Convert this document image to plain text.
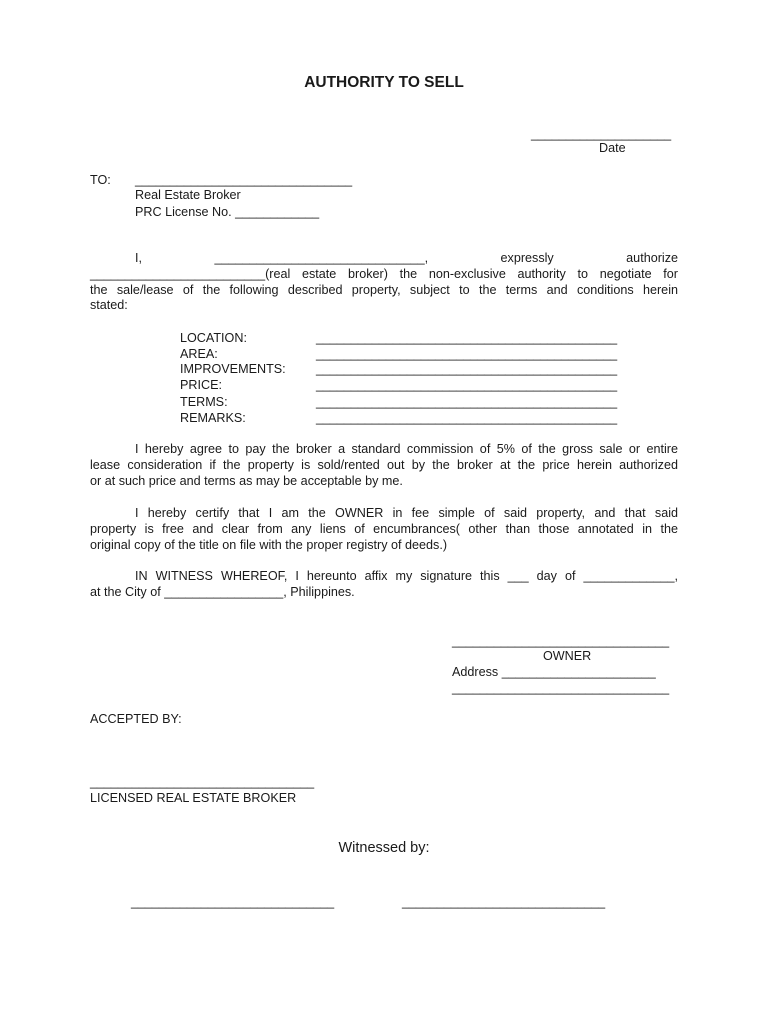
AUTHORITY TO SELL
____________________
Date
TO: _______________________________
Real Estate Broker
PRC License No. ____________

I, ______________________________, expressly authorize

_________________________(real estate broker) the non-exclusive authority to negotiate for

the sale/lease of the following described property, subject to the terms and conditions herein

stated:

LOCATION:	___________________________________________
AREA:	___________________________________________
IMPROVEMENTS: ___________________________________________
PRICE:	___________________________________________
TERMS:	___________________________________________
REMARKS:	___________________________________________

I hereby agree to pay the broker a standard commission of 5% of the gross sale or entire

lease consideration if the property is sold/rented out by the broker at the price herein authorized

or at such price and terms as may be acceptable by me.

I hereby certify that I am the OWNER in fee simple of said property, and that said

property is free and clear from any liens of encumbrances( other than those annotated in the

original copy of the title on file with the proper registry of deeds.)

IN WITNESS WHEREOF, I hereunto affix my signature this ___ day of _____________,

at the City of _________________, Philippines.

_______________________________
OWNER
Address ______________________
_______________________________
ACCEPTED BY:
________________________________
LICENSED REAL ESTATE BROKER
Witnessed by:
_____________________________	_____________________________
